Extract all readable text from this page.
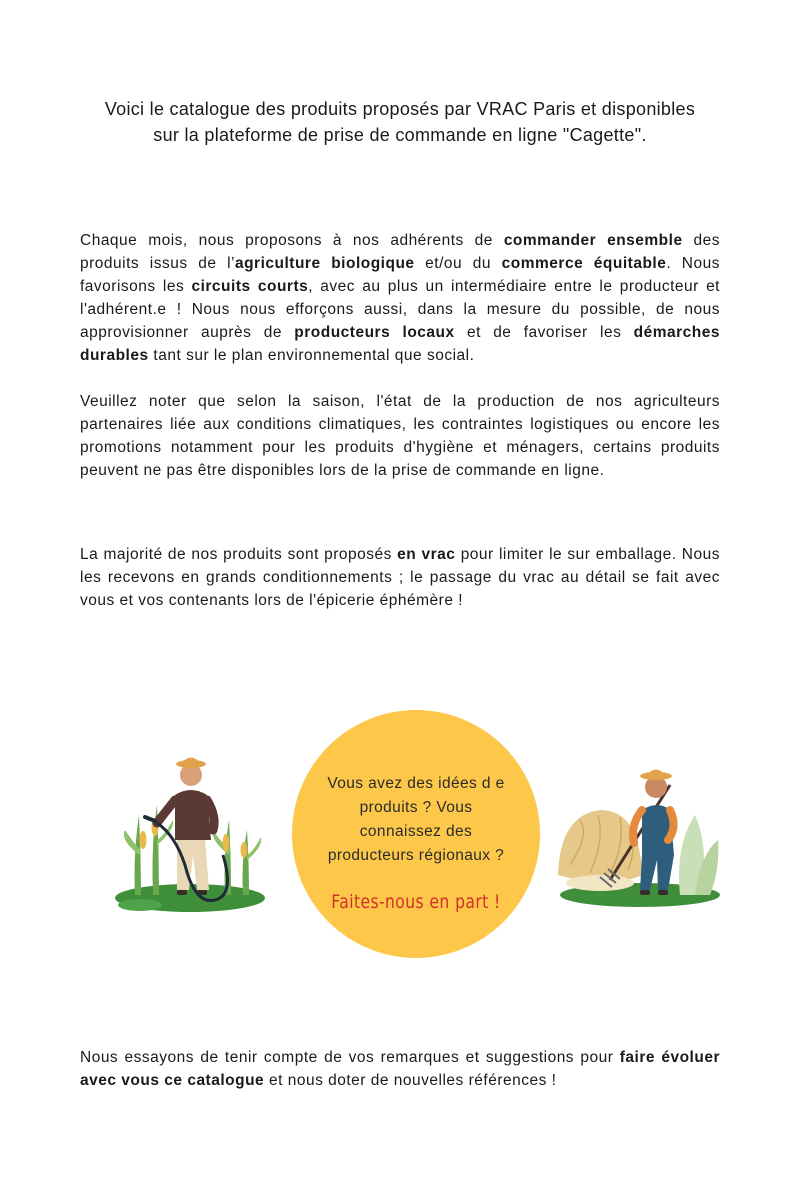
Voici le catalogue des produits proposés par VRAC Paris et disponibles sur la plateforme de prise de commande en ligne "Cagette".

Chaque mois, nous proposons à nos adhérents de commander ensemble des produits issus de l’agriculture biologique et/ou du commerce équitable. Nous favorisons les circuits courts, avec au plus un intermédiaire entre le producteur et l'adhérent.e ! Nous nous efforçons aussi, dans la mesure du possible, de nous approvisionner auprès de producteurs locaux et de favoriser les démarches durables tant sur le plan environnemental que social.
Veuillez noter que selon la saison, l'état de la production de nos agriculteurs partenaires liée aux conditions climatiques, les contraintes logistiques ou encore les promotions notamment pour les produits d'hygiène et ménagers, certains produits peuvent ne pas être disponibles lors de la prise de commande en ligne.
La majorité de nos produits sont proposés en vrac pour limiter le sur emballage. Nous les recevons en grands conditionnements ; le passage du vrac au détail se fait avec vous et vos contenants lors de l'épicerie éphémère !
Vous avez des idées d e produits ? Vous connaissez des producteurs régionaux ?
Faites-nous en part !
Nous essayons de tenir compte de vos remarques et suggestions pour faire évoluer avec vous ce catalogue et nous doter de nouvelles références !
